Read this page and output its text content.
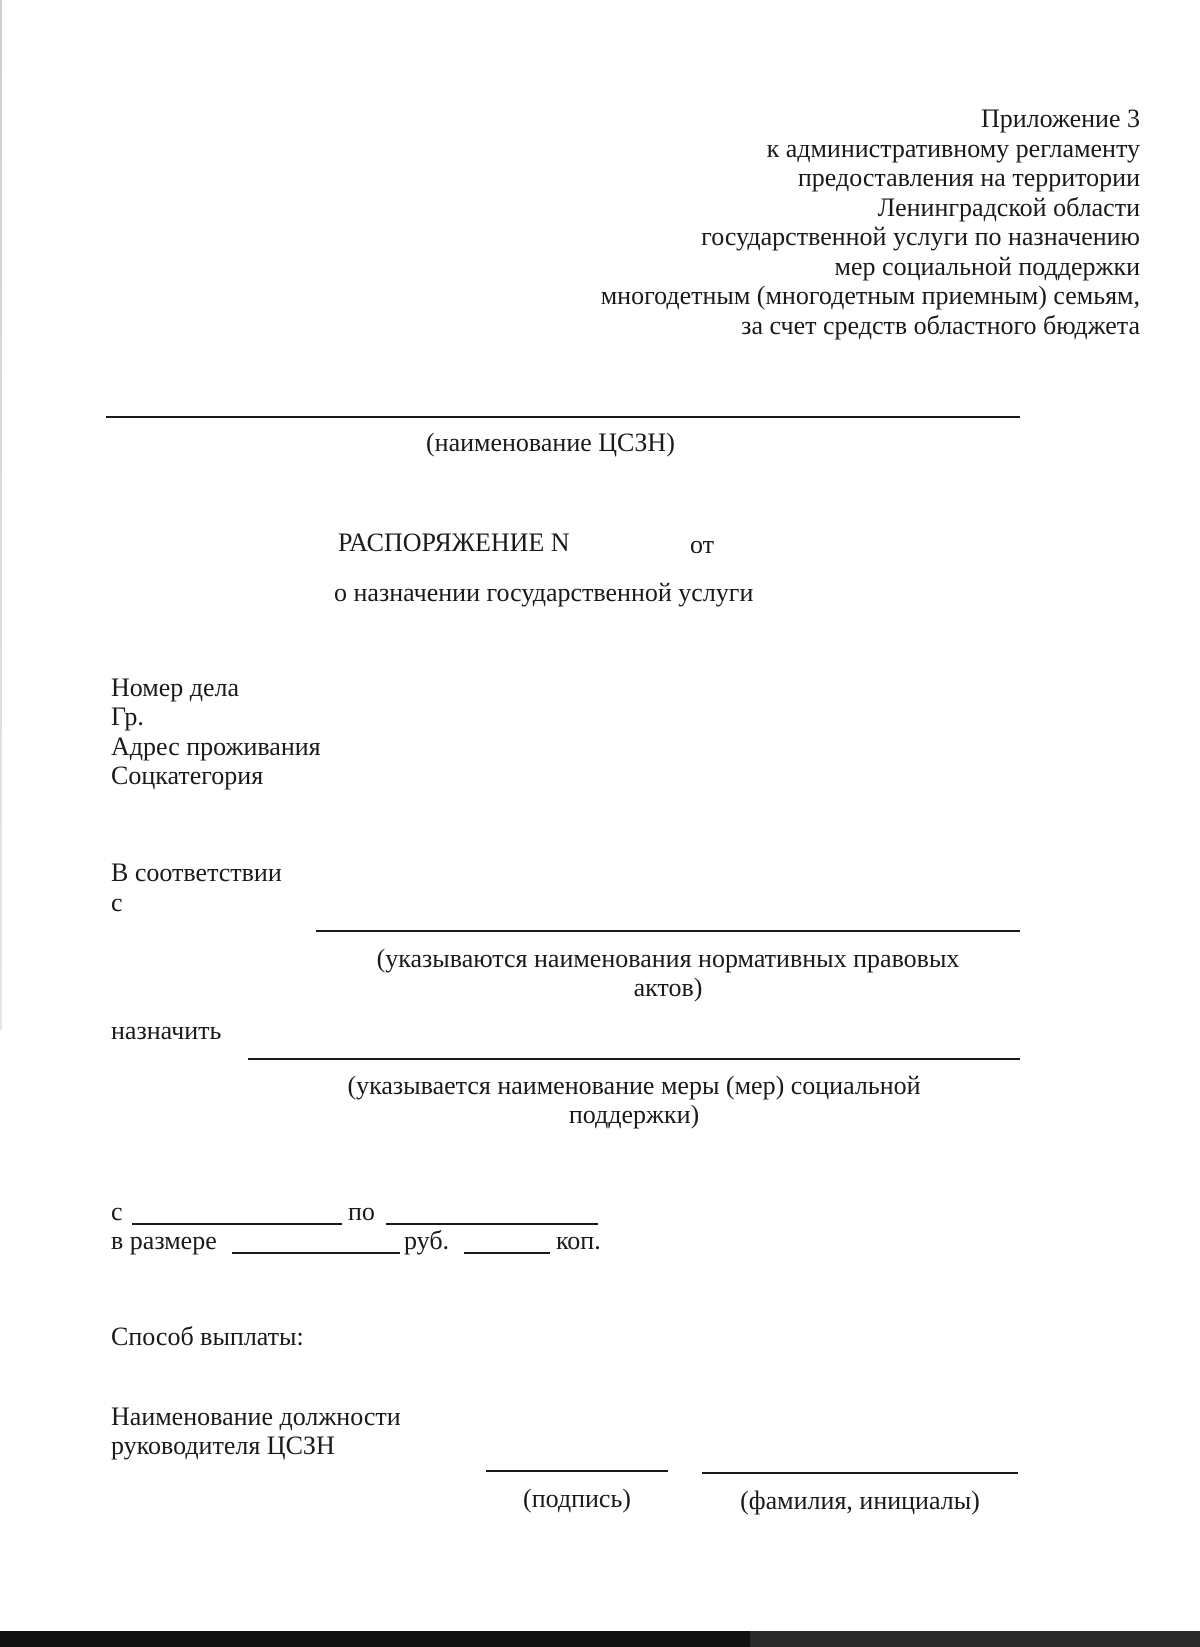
Приложение 3
к административному регламенту
предоставления на территории
Ленинградской области
государственной услуги по назначению
мер социальной поддержки
многодетным (многодетным приемным) семьям,
за счет средств областного бюджета
(наименование ЦСЗН)
РАСПОРЯЖЕНИЕ N	от
о назначении государственной услуги
Номер дела
Гр.
Адрес проживания
Соцкатегория
В соответствии
с
(указываются наименования нормативных правовых
актов)
назначить
(указывается наименование меры (мер) социальной
поддержки)
с	по
в размере	руб.	коп.
Способ выплаты:
Наименование должности
руководителя ЦСЗН
(подпись)	(фамилия, инициалы)
